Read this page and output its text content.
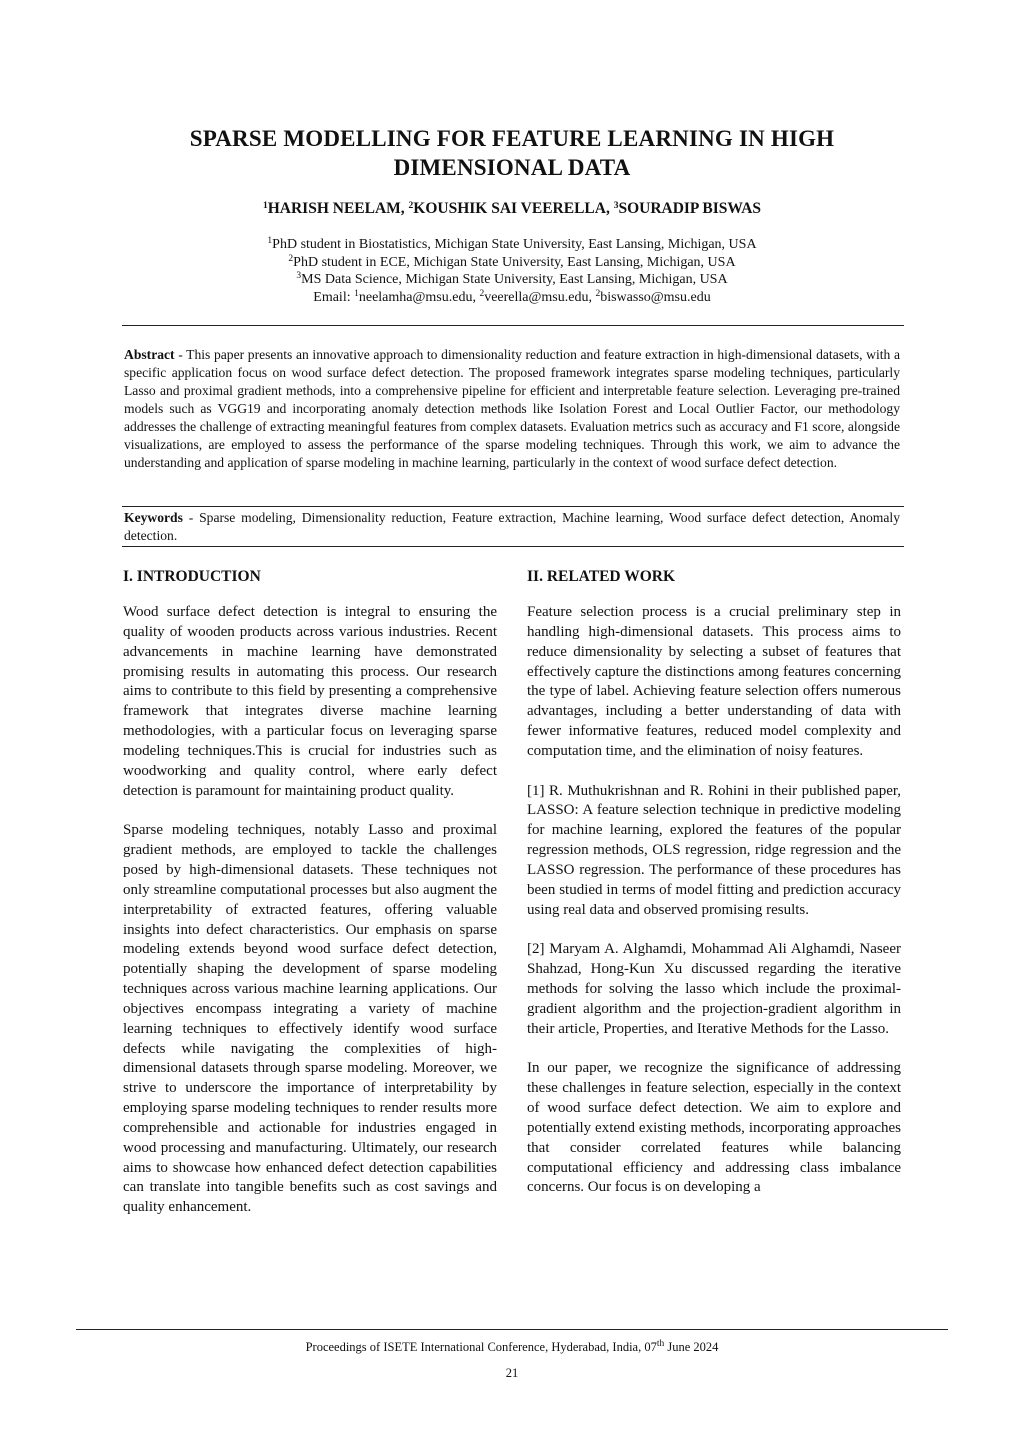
SPARSE MODELLING FOR FEATURE LEARNING IN HIGH
DIMENSIONAL DATA
$^1$HARISH NEELAM, $^2$KOUSHIK SAI VEERELLA, $^3$SOURADIP BISWAS
$^1$PhD student in Biostatistics, Michigan State University, East Lansing, Michigan, USA
$^2$PhD student in ECE, Michigan State University, East Lansing, Michigan, USA
$^3$MS Data Science, Michigan State University, East Lansing, Michigan, USA
Email: $^1$neelamha@msu.edu, $^2$veerella@msu.edu, $^2$biswasso@msu.edu
Abstract - This paper presents an innovative approach to dimensionality reduction and feature extraction in high-dimensional datasets, with a specific application focus on wood surface defect detection. The proposed framework integrates sparse modeling techniques, particularly Lasso and proximal gradient methods, into a comprehensive pipeline for efficient and interpretable feature selection. Leveraging pre-trained models such as VGG19 and incorporating anomaly detection methods like Isolation Forest and Local Outlier Factor, our methodology addresses the challenge of extracting meaningful features from complex datasets. Evaluation metrics such as accuracy and F1 score, alongside visualizations, are employed to assess the performance of the sparse modeling techniques. Through this work, we aim to advance the understanding and application of sparse modeling in machine learning, particularly in the context of wood surface defect detection.
Keywords - Sparse modeling, Dimensionality reduction, Feature extraction, Machine learning, Wood surface defect detection, Anomaly detection.
I. INTRODUCTION

Wood surface defect detection is integral to ensuring the quality of wooden products across various industries. Recent advancements in machine learning have demonstrated promising results in automating this process. Our research aims to contribute to this field by presenting a comprehensive framework that integrates diverse machine learning methodologies, with a particular focus on leveraging sparse modeling techniques.This is crucial for industries such as woodworking and quality control, where early defect detection is paramount for maintaining product quality.

Sparse modeling techniques, notably Lasso and proximal gradient methods, are employed to tackle the challenges posed by high-dimensional datasets. These techniques not only streamline computational processes but also augment the interpretability of extracted features, offering valuable insights into defect characteristics. Our emphasis on sparse modeling extends beyond wood surface defect detection, potentially shaping the development of sparse modeling techniques across various machine learning applications. Our objectives encompass integrating a variety of machine learning techniques to effectively identify wood surface defects while navigating the complexities of high-dimensional datasets through sparse modeling. Moreover, we strive to underscore the importance of interpretability by employing sparse modeling techniques to render results more comprehensible and actionable for industries engaged in wood processing and manufacturing. Ultimately, our research aims to showcase how enhanced defect detection capabilities can translate into tangible benefits such as cost savings and quality enhancement.

II. RELATED WORK

Feature selection process is a crucial preliminary step in handling high-dimensional datasets. This process aims to reduce dimensionality by selecting a subset of features that effectively capture the distinctions among features concerning the type of label. Achieving feature selection offers numerous advantages, including a better understanding of data with fewer informative features, reduced model complexity and computation time, and the elimination of noisy features.

[1] R. Muthukrishnan and R. Rohini in their published paper, LASSO: A feature selection technique in predictive modeling for machine learning, explored the features of the popular regression methods, OLS regression, ridge regression and the LASSO regression. The performance of these procedures has been studied in terms of model fitting and prediction accuracy using real data and observed promising results.

[2] Maryam A. Alghamdi, Mohammad Ali Alghamdi, Naseer Shahzad, Hong-Kun Xu discussed regarding the iterative methods for solving the lasso which include the proximal-gradient algorithm and the projection-gradient algorithm in their article, Properties, and Iterative Methods for the Lasso.

In our paper, we recognize the significance of addressing these challenges in feature selection, especially in the context of wood surface defect detection. We aim to explore and potentially extend existing methods, incorporating approaches that consider correlated features while balancing computational efficiency and addressing class imbalance concerns. Our focus is on developing a

Proceedings of ISETE International Conference, Hyderabad, India, 07th June 2024
21
